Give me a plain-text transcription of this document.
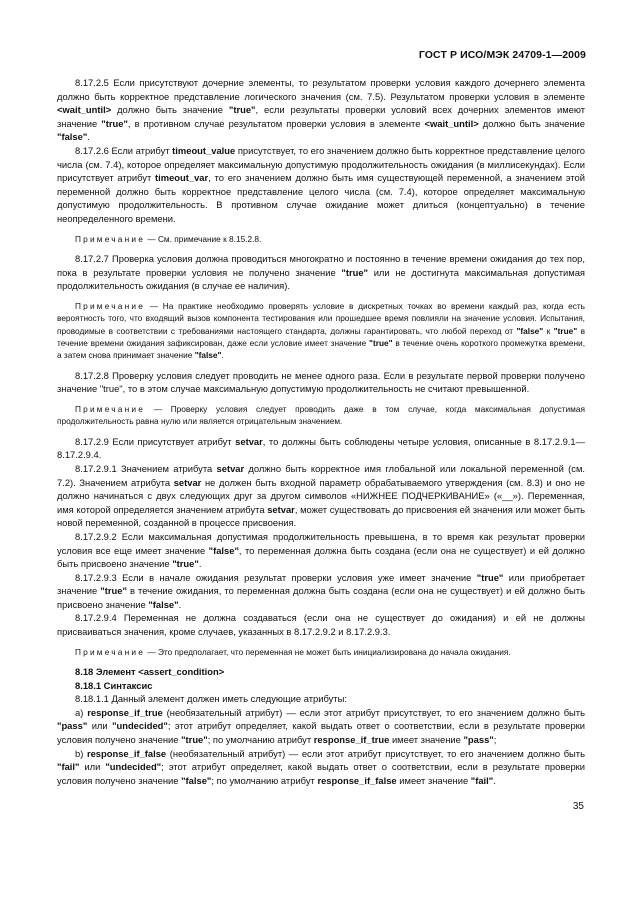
ГОСТ Р ИСО/МЭК 24709-1—2009

8.17.2.5 Если присутствуют дочерние элементы, то результатом проверки условия каждого дочернего элемента должно быть корректное представление логического значения (см. 7.5). Результатом проверки условия в элементе <wait_until> должно быть значение "true", если результаты проверки условий всех дочерних элементов имеют значение "true", в противном случае результатом проверки условия в элементе <wait_until> должно быть значение "false".

8.17.2.6 Если атрибут timeout_value присутствует, то его значением должно быть корректное представление целого числа (см. 7.4), которое определяет максимальную допустимую продолжительность ожидания (в миллисекундах). Если присутствует атрибут timeout_var, то его значением должно быть имя существующей переменной, а значением этой переменной должно быть корректное представление целого числа (см. 7.4), которое определяет максимальную допустимую продолжительность. В противном случае ожидание может длиться (концептуально) в течение неопределенного времени.

Примечание — См. примечание к 8.15.2.8.

8.17.2.7 Проверка условия должна проводиться многократно и постоянно в течение времени ожидания до тех пор, пока в результате проверки условия не получено значение "true" или не достигнута максимальная допустимая продолжительность ожидания (в случае ее наличия).

Примечание — На практике необходимо проверять условие в дискретных точках во времени каждый раз, когда есть вероятность того, что входящий вызов компонента тестирования или прошедшее время повлияли на значение условия. Испытания, проводимые в соответствии с требованиями настоящего стандарта, должны гарантировать, что любой переход от "false" к "true" в течение времени ожидания зафиксирован, даже если условие имеет значение "true" в течение очень короткого промежутка времени, а затем снова принимает значение "false".

8.17.2.8 Проверку условия следует проводить не менее одного раза. Если в результате первой проверки получено значение "true", то в этом случае максимальную допустимую продолжительность не считают превышенной.

Примечание — Проверку условия следует проводить даже в том случае, когда максимальная допустимая продолжительность равна нулю или является отрицательным значением.

8.17.2.9 Если присутствует атрибут setvar, то должны быть соблюдены четыре условия, описанные в 8.17.2.9.1— 8.17.2.9.4.

8.17.2.9.1 Значением атрибута setvar должно быть корректное имя глобальной или локальной переменной (см. 7.2). Значением атрибута setvar не должен быть входной параметр обрабатываемого утверждения (см. 8.3) и оно не должно начинаться с двух следующих друг за другом символов «НИЖНЕЕ ПОДЧЕРКИВАНИЕ» («__»). Переменная, имя которой определяется значением атрибута setvar, может существовать до присвоения ей значения или может быть новой переменной, созданной в процессе присвоения.

8.17.2.9.2 Если максимальная допустимая продолжительность превышена, в то время как результат проверки условия все еще имеет значение "false", то переменная должна быть создана (если она не существует) и ей должно быть присвоено значение "true".

8.17.2.9.3 Если в начале ожидания результат проверки условия уже имеет значение "true" или приобретает значение "true" в течение ожидания, то переменная должна быть создана (если она не существует) и ей должно быть присвоено значение "false".

8.17.2.9.4 Переменная не должна создаваться (если она не существует до ожидания) и ей не должны присваиваться значения, кроме случаев, указанных в 8.17.2.9.2 и 8.17.2.9.3.

Примечание — Это предполагает, что переменная не может быть инициализирована до начала ожидания.

8.18 Элемент <assert_condition>

8.18.1 Синтаксис

8.18.1.1 Данный элемент должен иметь следующие атрибуты:

a) response_if_true (необязательный атрибут) — если этот атрибут присутствует, то его значением должно быть "pass" или "undecided"; этот атрибут определяет, какой выдать ответ о соответствии, если в результате проверки условия получено значение "true"; по умолчанию атрибут response_if_true имеет значение "pass";

b) response_if_false (необязательный атрибут) — если этот атрибут присутствует, то его значением должно быть "fail" или "undecided"; этот атрибут определяет, какой выдать ответ о соответствии, если в результате проверки условия получено значение "false"; по умолчанию атрибут response_if_false имеет значение "fail".

35
